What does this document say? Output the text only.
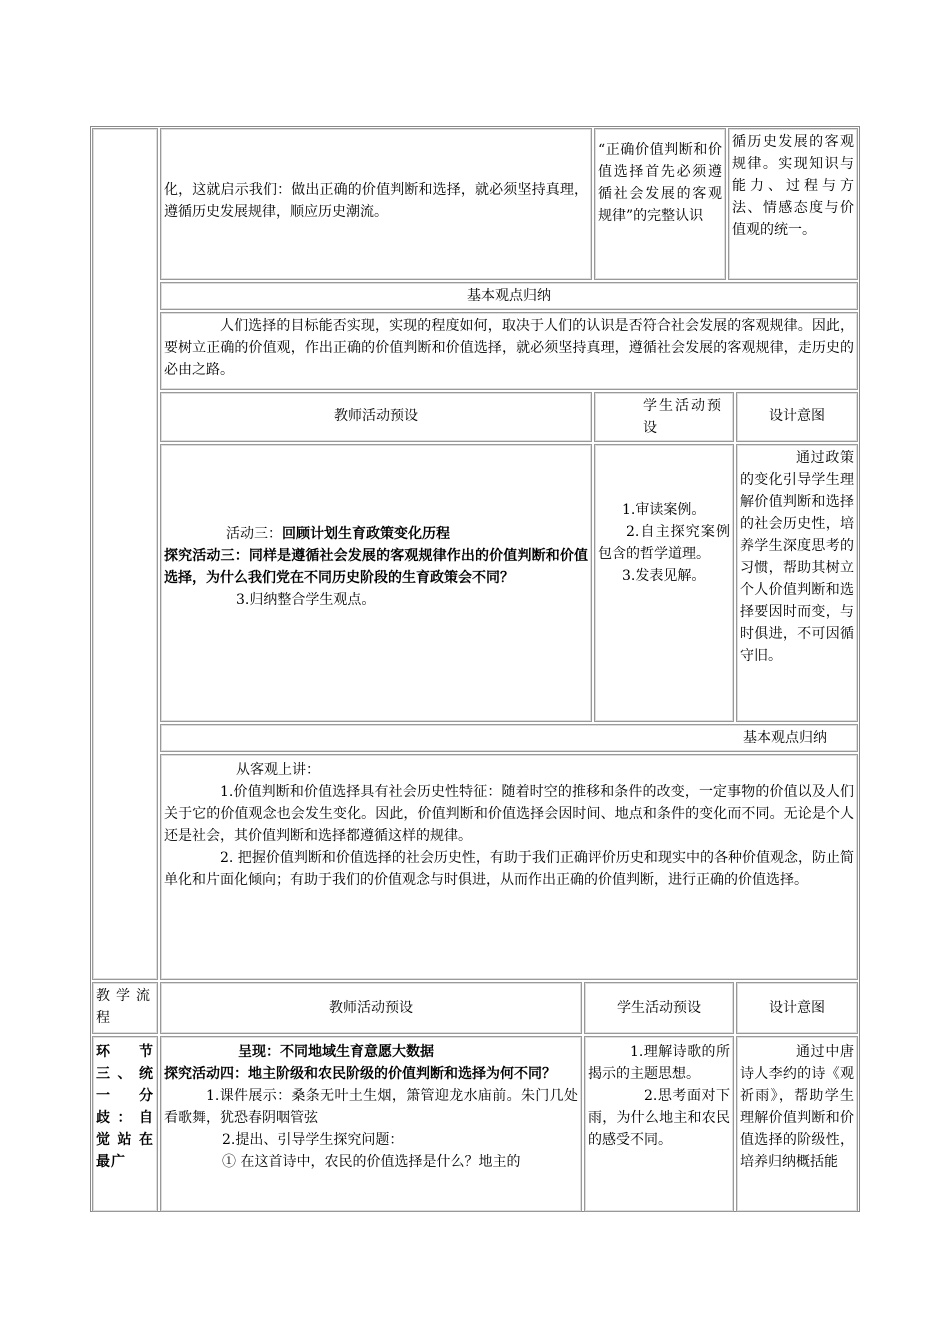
化，这就启示我们：做出正确的价值判断和选择，就必须坚持真理，遵循历史发展规律，顺应历史潮流。

“正确价值判断和价值选择首先必须遵循社会发展的客观规律”的完整认识

循历史发展的客观规律。实现知识与能力、过程与方法、情感态度与价值观的统一。

基本观点归纳

人们选择的目标能否实现，实现的程度如何，取决于人们的认识是否符合社会发展的客观规律。因此，要树立正确的价值观，作出正确的价值判断和价值选择，就必须坚持真理，遵循社会发展的客观规律，走历史的必由之路。

教师活动预设
学生活动预设
设计意图

活动三：回顾计划生育政策变化历程

探究活动三：同样是遵循社会发展的客观规律作出的价值判断和价值选择，为什么我们党在不同历史阶段的生育政策会不同？

3.归纳整合学生观点。

1.审读案例。

2.自主探究案例包含的哲学道理。

3.发表见解。

通过政策的变化引导学生理解价值判断和选择的社会历史性，培养学生深度思考的习惯，帮助其树立个人价值判断和选择要因时而变，与时俱进，不可因循守旧。

基本观点归纳

从客观上讲：

1.价值判断和价值选择具有社会历史性特征：随着时空的推移和条件的改变，一定事物的价值以及人们关于它的价值观念也会发生变化。因此，价值判断和价值选择会因时间、地点和条件的变化而不同。无论是个人还是社会，其价值判断和选择都遵循这样的规律。

2. 把握价值判断和价值选择的社会历史性，有助于我们正确评价历史和现实中的各种价值观念，防止简单化和片面化倾向；有助于我们的价值观念与时俱进，从而作出正确的价值判断，进行正确的价值选择。

教学流程
教师活动预设	学生活动预设	设计意图

环节三、统一分歧：自觉站在最广

呈现：不同地域生育意愿大数据

探究活动四：地主阶级和农民阶级的价值判断和选择为何不同？

1.课件展示：桑条无叶土生烟，箫管迎龙水庙前。朱门几处看歌舞，犹恐春阴咽管弦

2.提出、引导学生探究问题：

① 在这首诗中，农民的价值选择是什么？地主的

1.理解诗歌的所揭示的主题思想。

2.思考面对下雨，为什么地主和农民的感受不同。

通过中唐诗人李约的诗《观祈雨》，帮助学生理解价值判断和价值选择的阶级性，培养归纳概括能
